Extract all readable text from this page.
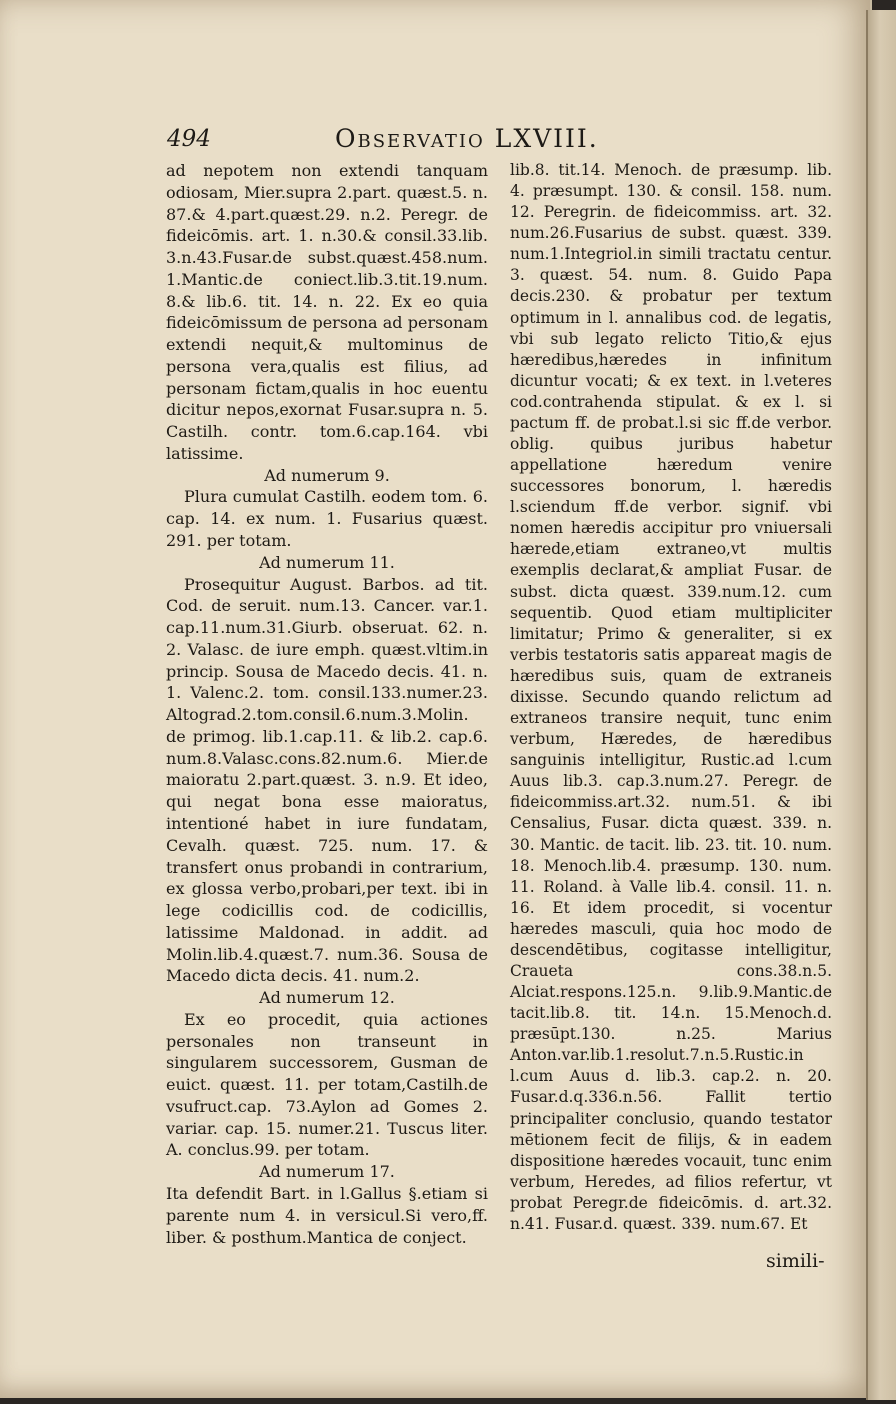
494	Observatio LXVIII.

ad nepotem non extendi tanquam odiosam, Mier.supra 2.part. quæst.5. n. 87.& 4.part.quæst.29. n.2. Peregr. de fideicōmis. art. 1. n.30.& consil.33.lib. 3.n.43.Fusar.de subst.quæst.458.num. 1.Mantic.de coniect.lib.3.tit.19.num. 8.& lib.6. tit. 14. n. 22. Ex eo quia fideicōmissum de persona ad personam extendi nequit,& multominus de persona vera,qualis est filius, ad personam fictam,qualis in hoc euentu dicitur nepos,exornat Fusar.supra n. 5. Castilh. contr. tom.6.cap.164. vbi latissime.

Ad numerum 9.

Plura cumulat Castilh. eodem tom. 6. cap. 14. ex num. 1. Fusarius quæst. 291. per totam.

Ad numerum 11.

Prosequitur August. Barbos. ad tit. Cod. de seruit. num.13. Cancer. var.1. cap.11.num.31.Giurb. obseruat. 62. n. 2. Valasc. de iure emph. quæst.vltim.in princip. Sousa de Macedo decis. 41. n. 1. Valenc.2. tom. consil.133.numer.23. Altograd.2.tom.consil.6.num.3.Molin. de primog. lib.1.cap.11. & lib.2. cap.6. num.8.Valasc.cons.82.num.6. Mier.de maioratu 2.part.quæst. 3. n.9. Et ideo, qui negat bona esse maioratus, intentioné habet in iure fundatam, Cevalh. quæst. 725. num. 17. & transfert onus probandi in contrarium, ex glossa verbo,probari,per text. ibi in lege codicillis cod. de codicillis, latissime Maldonad. in addit. ad Molin.lib.4.quæst.7. num.36. Sousa de Macedo dicta decis. 41. num.2.

Ad numerum 12.

Ex eo procedit, quia actiones personales non transeunt in singularem successorem, Gusman de euict. quæst. 11. per totam,Castilh.de vsufruct.cap. 73.Aylon ad Gomes 2. variar. cap. 15. numer.21. Tuscus liter. A. conclus.99. per totam.

Ad numerum 17.

Ita defendit Bart. in l.Gallus §.etiam si parente num 4. in versicul.Si vero,ff. liber. & posthum.Mantica de conject.

lib.8. tit.14. Menoch. de præsump. lib. 4. præsumpt. 130. & consil. 158. num. 12. Peregrin. de fideicommiss. art. 32. num.26.Fusarius de subst. quæst. 339. num.1.Integriol.in simili tractatu centur. 3. quæst. 54. num. 8. Guido Papa decis.230. & probatur per textum optimum in l. annalibus cod. de legatis, vbi sub legato relicto Titio,& ejus hæredibus,hæredes in infinitum dicuntur vocati; & ex text. in l.veteres cod.contrahenda stipulat. & ex l. si pactum ff. de probat.l.si sic ff.de verbor. oblig. quibus juribus habetur appellatione hæredum venire successores bonorum, l. hæredis l.sciendum ff.de verbor. signif. vbi nomen hæredis accipitur pro vniuersali hærede,etiam extraneo,vt multis exemplis declarat,& ampliat Fusar. de subst. dicta quæst. 339.num.12. cum sequentib. Quod etiam multipliciter limitatur; Primo & generaliter, si ex verbis testatoris satis appareat magis de hæredibus suis, quam de extraneis dixisse. Secundo quando relictum ad extraneos transire nequit, tunc enim verbum, Hæredes, de hæredibus sanguinis intelligitur, Rustic.ad l.cum Auus lib.3. cap.3.num.27. Peregr. de fideicommiss.art.32. num.51. & ibi Censalius, Fusar. dicta quæst. 339. n. 30. Mantic. de tacit. lib. 23. tit. 10. num. 18. Menoch.lib.4. præsump. 130. num. 11. Roland. à Valle lib.4. consil. 11. n. 16. Et idem procedit, si vocentur hæredes masculi, quia hoc modo de descendētibus, cogitasse intelligitur, Craueta cons.38.n.5. Alciat.respons.125.n. 9.lib.9.Mantic.de tacit.lib.8. tit. 14.n. 15.Menoch.d. præsūpt.130. n.25. Marius Anton.var.lib.1.resolut.7.n.5.Rustic.in l.cum Auus d. lib.3. cap.2. n. 20. Fusar.d.q.336.n.56. Fallit tertio principaliter conclusio, quando testator mētionem fecit de filijs, & in eadem dispositione hæredes vocauit, tunc enim verbum, Heredes, ad filios refertur, vt probat Peregr.de fideicōmis. d. art.32. n.41. Fusar.d. quæst. 339. num.67. Et

simili-
